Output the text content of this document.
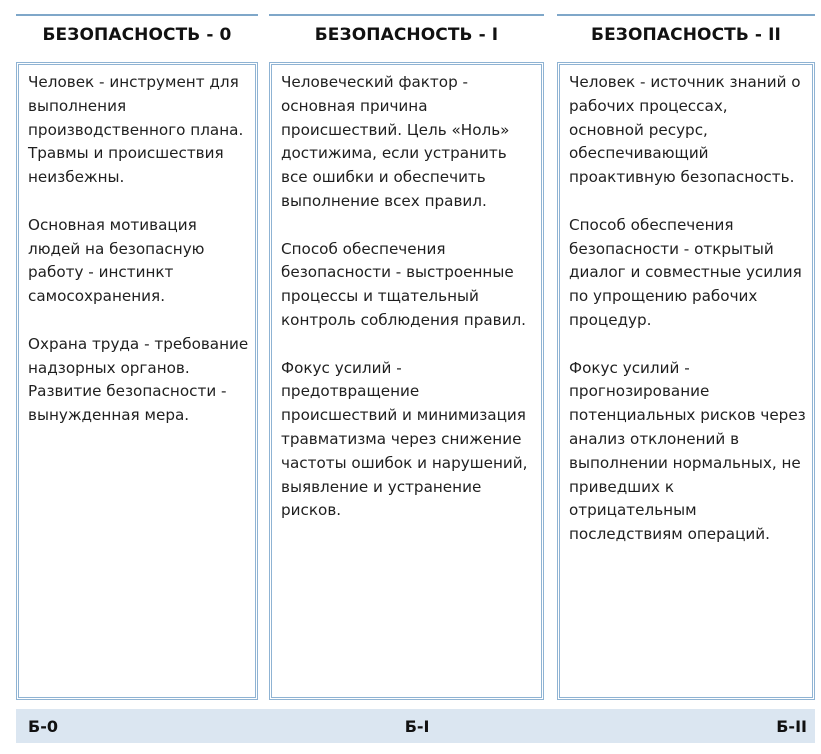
БЕЗОПАСНОСТЬ - 0

Человек - инструмент для выполнения производственного плана. Травмы и происшествия неизбежны.

Основная мотивация людей на безопасную работу - инстинкт самосохранения.

Охрана труда - требование надзорных органов. Развитие безопасности - вынужденная мера.

БЕЗОПАСНОСТЬ - I

Человеческий фактор - основная причина происшествий. Цель «Ноль» достижима, если устранить все ошибки и обеспечить выполнение всех правил.

Способ обеспечения безопасности - выстроенные процессы и тщательный контроль соблюдения правил.

Фокус усилий - предотвращение происшествий и минимизация травматизма через снижение частоты ошибок и нарушений, выявление и устранение рисков.

БЕЗОПАСНОСТЬ - II

Человек - источник знаний о рабочих процессах, основной ресурс, обеспечивающий проактивную безопасность.

Способ обеспечения безопасности - открытый диалог и совместные усилия по упрощению рабочих процедур.

Фокус усилий - прогнозирование потенциальных рисков через анализ отклонений в выполнении нормальных, не приведших к отрицательным последствиям операций.

Б-0	Б-I	Б-II
